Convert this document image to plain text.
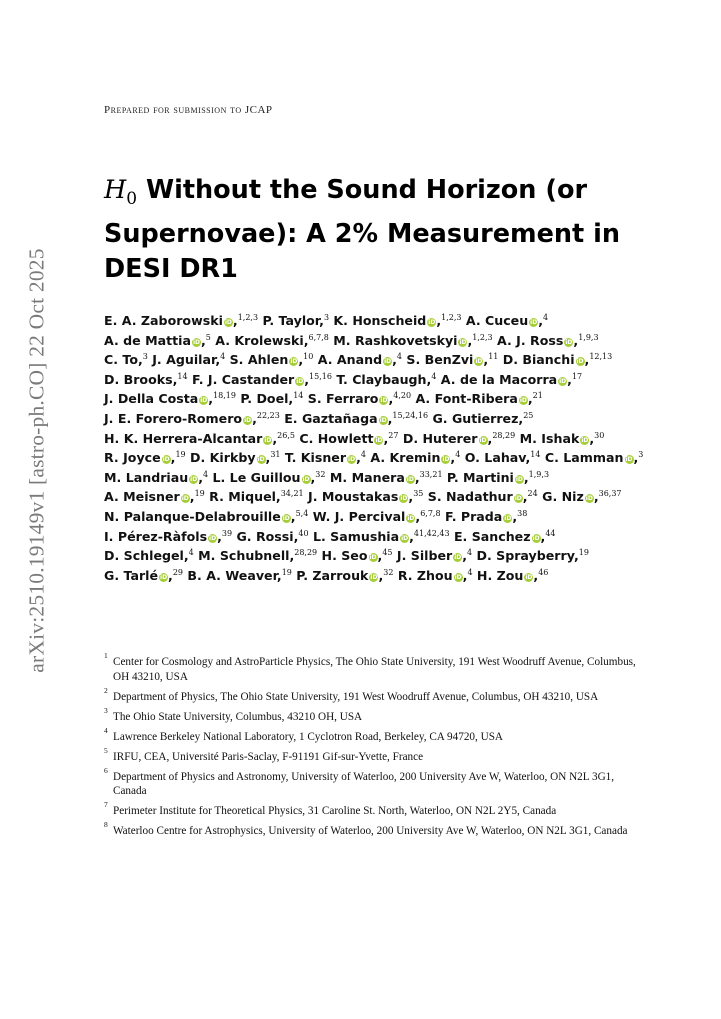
arXiv:2510.19149v1 [astro-ph.CO] 22 Oct 2025
Prepared for submission to JCAP
$H_0$ Without the Sound Horizon (or Supernovae): A 2% Measurement in DESI DR1
E. A. Zaborowski iD,$^{1,2,3}$ P. Taylor,$^3$ K. Honscheid iD,$^{1,2,3}$ A. Cuceu iD,$^4$ A. de Mattia iD,$^5$ A. Krolewski,$^{6,7,8}$ M. Rashkovetskyi iD,$^{1,2,3}$ A. J. Ross iD,$^{1,9,3}$ C. To,$^3$ J. Aguilar,$^4$ S. Ahlen iD,$^{10}$ A. Anand iD,$^4$ S. BenZvi iD,$^{11}$ D. Bianchi iD,$^{12,13}$ D. Brooks,$^{14}$ F. J. Castander iD,$^{15,16}$ T. Claybaugh,$^4$ A. de la Macorra iD,$^{17}$ J. Della Costa iD,$^{18,19}$ P. Doel,$^{14}$ S. Ferraro iD,$^{4,20}$ A. Font-Ribera iD,$^{21}$ J. E. Forero-Romero iD,$^{22,23}$ E. Gaztañaga iD,$^{15,24,16}$ G. Gutierrez,$^{25}$ H. K. Herrera-Alcantar iD,$^{26,5}$ C. Howlett iD,$^{27}$ D. Huterer iD,$^{28,29}$ M. Ishak iD,$^{30}$ R. Joyce iD,$^{19}$ D. Kirkby iD,$^{31}$ T. Kisner iD,$^4$ A. Kremin iD,$^4$ O. Lahav,$^{14}$ C. Lamman iD,$^3$ M. Landriau iD,$^4$ L. Le Guillou iD,$^{32}$ M. Manera iD,$^{33,21}$ P. Martini iD,$^{1,9,3}$ A. Meisner iD,$^{19}$ R. Miquel,$^{34,21}$ J. Moustakas iD,$^{35}$ S. Nadathur iD,$^{24}$ G. Niz iD,$^{36,37}$ N. Palanque-Delabrouille iD,$^{5,4}$ W. J. Percival iD,$^{6,7,8}$ F. Prada iD,$^{38}$ I. Pérez-Ràfols iD,$^{39}$ G. Rossi,$^{40}$ L. Samushia iD,$^{41,42,43}$ E. Sanchez iD,$^{44}$ D. Schlegel,$^4$ M. Schubnell,$^{28,29}$ H. Seo iD,$^{45}$ J. Silber iD,$^4$ D. Sprayberry,$^{19}$ G. Tarlé iD,$^{29}$ B. A. Weaver,$^{19}$ P. Zarrouk iD,$^{32}$ R. Zhou iD,$^4$ H. Zou iD,$^{46}$
1
Center for Cosmology and AstroParticle Physics, The Ohio State University, 191 West Woodruff Avenue, Columbus, OH 43210, USA
2
Department of Physics, The Ohio State University, 191 West Woodruff Avenue, Columbus, OH 43210, USA
3
The Ohio State University, Columbus, 43210 OH, USA
4
Lawrence Berkeley National Laboratory, 1 Cyclotron Road, Berkeley, CA 94720, USA
5
IRFU, CEA, Université Paris-Saclay, F-91191 Gif-sur-Yvette, France
6
Department of Physics and Astronomy, University of Waterloo, 200 University Ave W, Waterloo, ON N2L 3G1, Canada
7
Perimeter Institute for Theoretical Physics, 31 Caroline St. North, Waterloo, ON N2L 2Y5, Canada
8
Waterloo Centre for Astrophysics, University of Waterloo, 200 University Ave W, Waterloo, ON N2L 3G1, Canada
